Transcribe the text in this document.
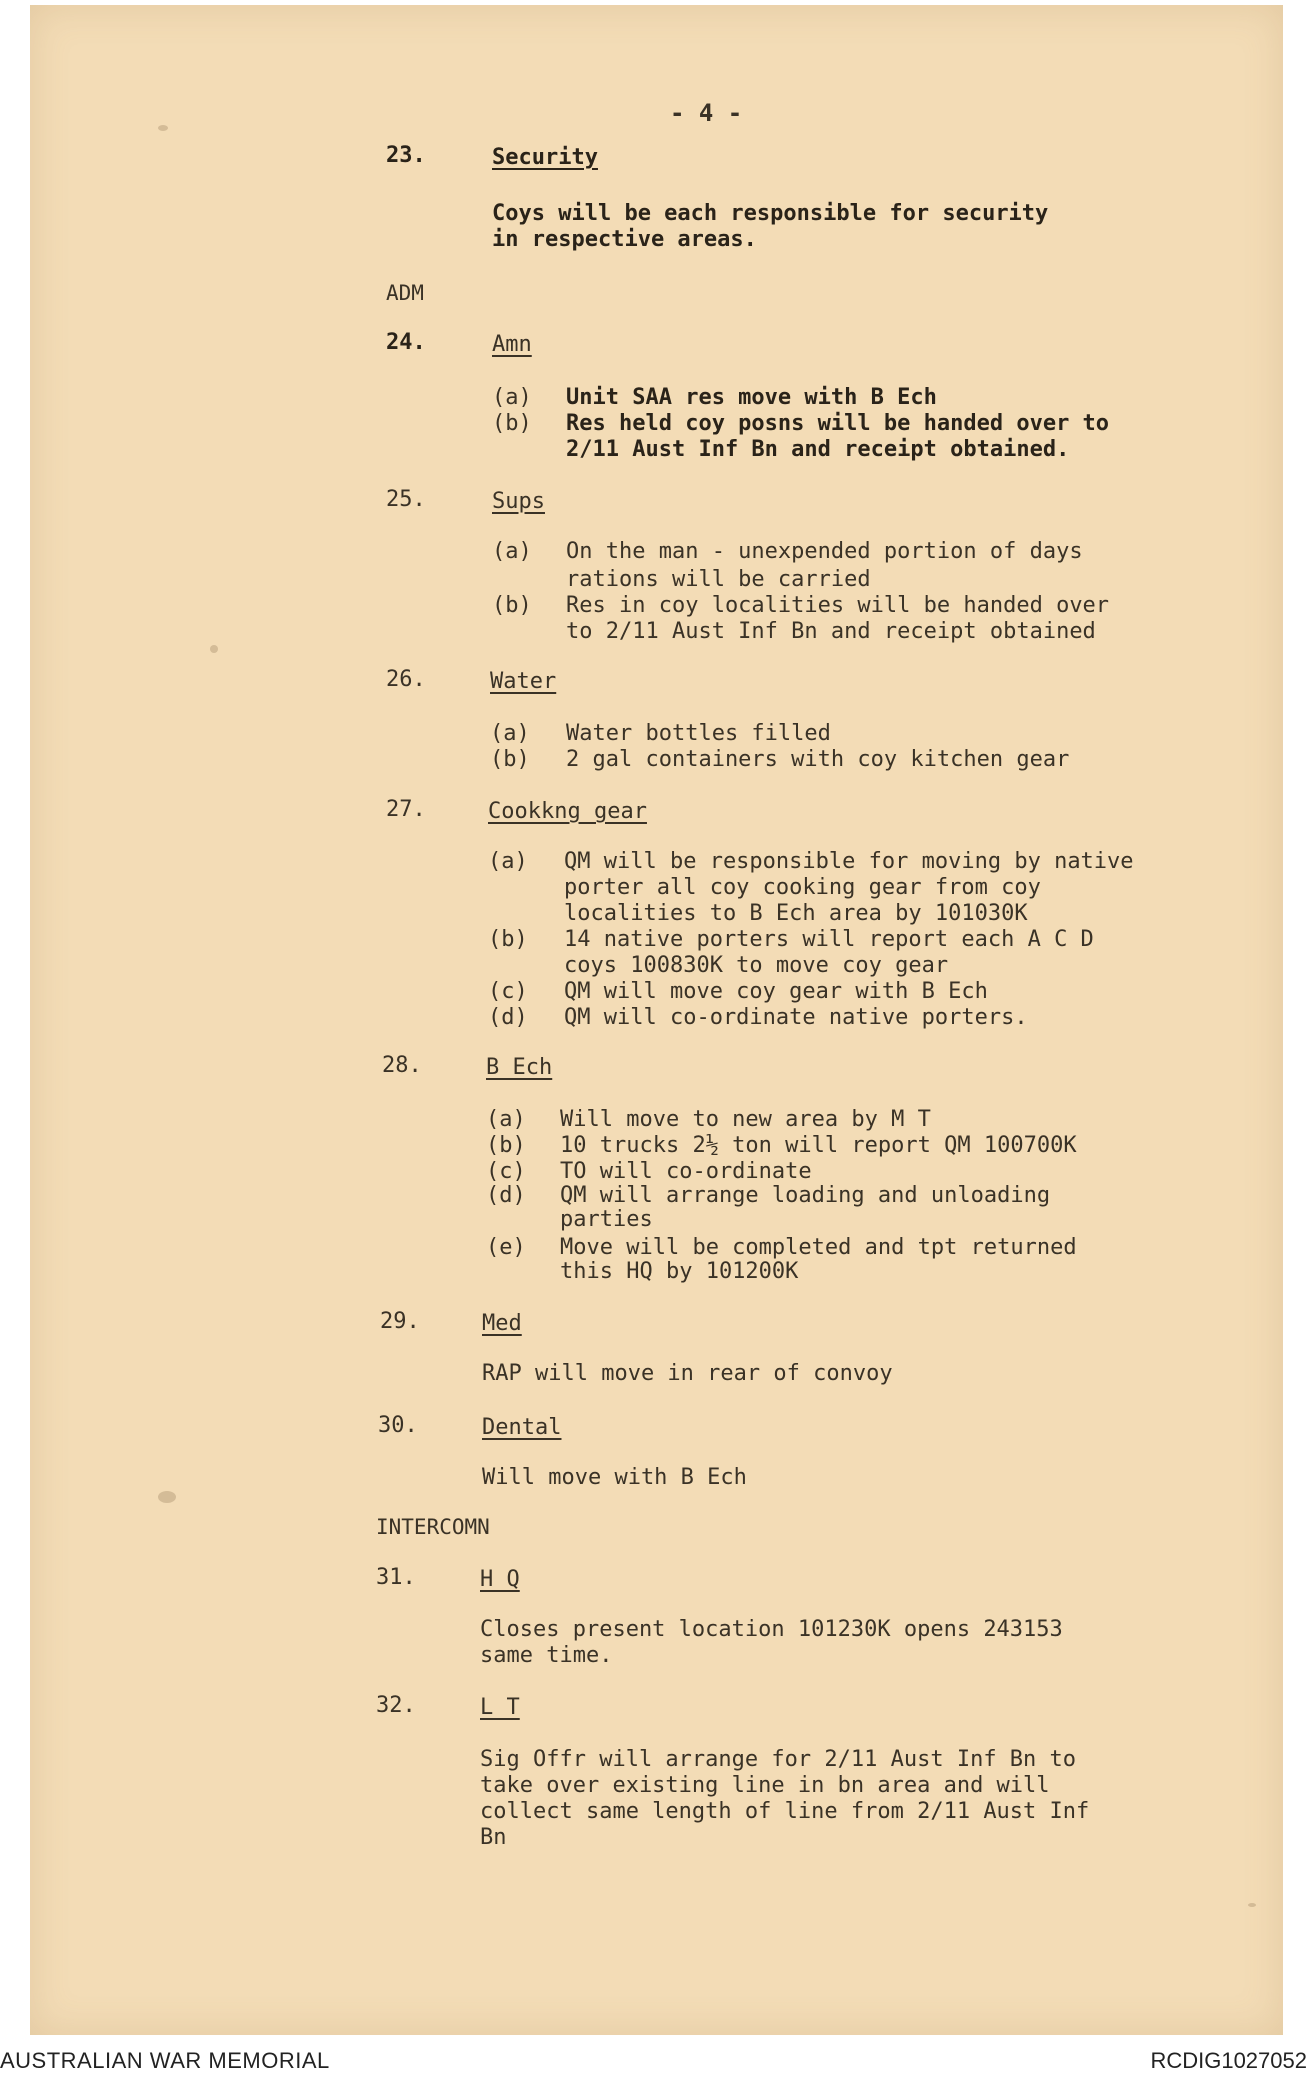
- 4 -
23.	Security
Coys will be each responsible for security
in respective areas.
ADM
24.	Amn
(a) Unit SAA res move with B Ech
(b) Res held coy posns will be handed over to
2/11 Aust Inf Bn and receipt obtained.
25.	Sups
(a) On the man - unexpended portion of days
rations will be carried
(b) Res in coy localities will be handed over
to 2/11 Aust Inf Bn and receipt obtained
26.	Water
(a) Water bottles filled
(b) 2 gal containers with coy kitchen gear
27.	Cookkng gear
(a) QM will be responsible for moving by native
porter all coy cooking gear from coy
localities to B Ech area by 101030K
(b) 14 native porters will report each A C D
coys 100830K to move coy gear
(c) QM will move coy gear with B Ech
(d) QM will co-ordinate native porters.
28.	B Ech
(a) Will move to new area by M T
(b) 10 trucks 2½ ton will report QM 100700K
(c) TO will co-ordinate
(d) QM will arrange loading and unloading
parties
(e) Move will be completed and tpt returned
this HQ by 101200K
29.	Med
RAP will move in rear of convoy
30.	Dental
Will move with B Ech
INTERCOMN
31.	H Q
Closes present location 101230K opens 243153
same time.
32.	L T
Sig Offr will arrange for 2/11 Aust Inf Bn to
take over existing line in bn area and will
collect same length of line from 2/11 Aust Inf
Bn
AUSTRALIAN WAR MEMORIAL	RCDIG1027052
